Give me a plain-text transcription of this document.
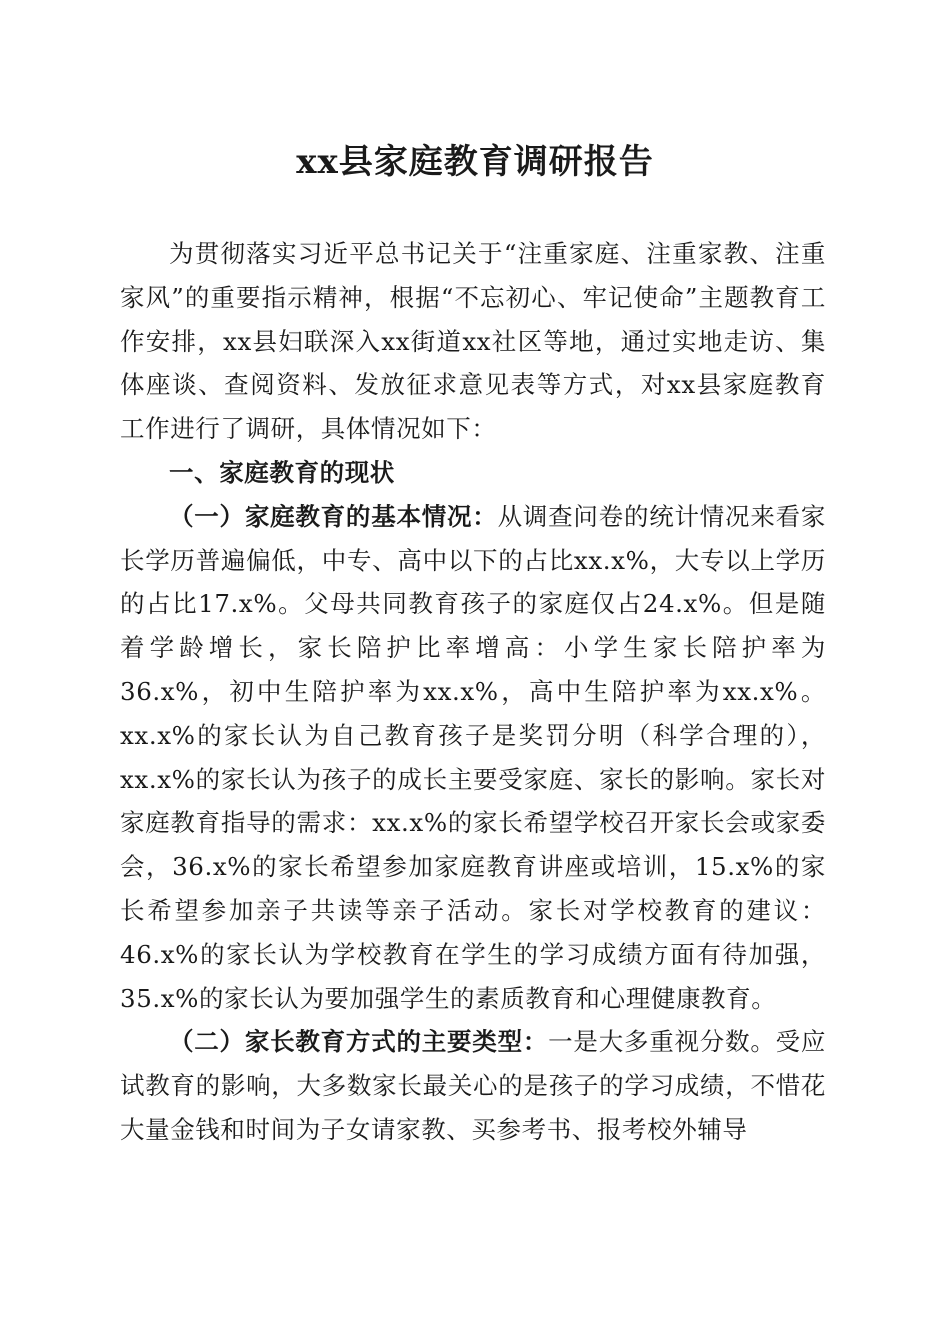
xx县家庭教育调研报告

为贯彻落实习近平总书记关于“注重家庭、注重家教、注重家风”的重要指示精神，根据“不忘初心、牢记使命”主题教育工作安排，xx县妇联深入xx街道xx社区等地，通过实地走访、集体座谈、查阅资料、发放征求意见表等方式，对xx县家庭教育工作进行了调研，具体情况如下：

一、家庭教育的现状

（一）家庭教育的基本情况：从调查问卷的统计情况来看家长学历普遍偏低，中专、高中以下的占比xx.x%，大专以上学历的占比17.x%。父母共同教育孩子的家庭仅占24.x%。但是随着学龄增长，家长陪护比率增高：小学生家长陪护率为36.x%，初中生陪护率为xx.x%，高中生陪护率为xx.x%。xx.x%的家长认为自己教育孩子是奖罚分明（科学合理的），xx.x%的家长认为孩子的成长主要受家庭、家长的影响。家长对家庭教育指导的需求：xx.x%的家长希望学校召开家长会或家委会，36.x%的家长希望参加家庭教育讲座或培训，15.x%的家长希望参加亲子共读等亲子活动。家长对学校教育的建议：46.x%的家长认为学校教育在学生的学习成绩方面有待加强，35.x%的家长认为要加强学生的素质教育和心理健康教育。

（二）家长教育方式的主要类型：一是大多重视分数。受应试教育的影响，大多数家长最关心的是孩子的学习成绩，不惜花大量金钱和时间为子女请家教、买参考书、报考校外辅导
